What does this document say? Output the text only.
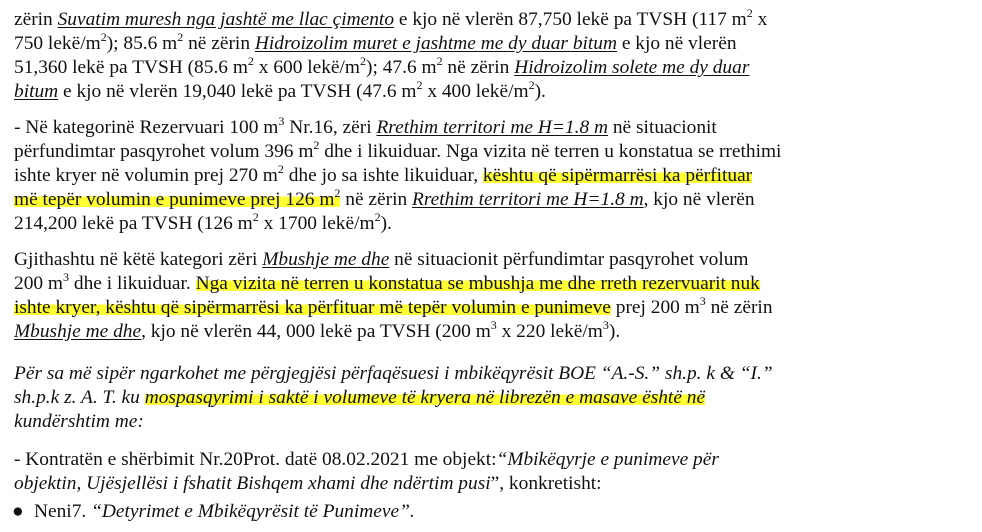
zërin Suvatim muresh nga jashtë me llac çimento e kjo në vlerën 87,750 lekë pa TVSH (117 $m^2$ x

750 lekë/$m^2$); 85.6 $m^2$ në zërin Hidroizolim muret e jashtme me dy duar bitum e kjo në vlerën

51,360 lekë pa TVSH (85.6 $m^2$ x 600 lekë/$m^2$); 47.6 $m^2$ në zërin Hidroizolim solete me dy duar

bitum e kjo në vlerën 19,040 lekë pa TVSH (47.6 $m^2$ x 400 lekë/$m^2$).

- Në kategorinë Rezervuari 100 $m^3$ Nr.16, zëri Rrethim territori me H=1.8 m në situacionit

përfundimtar pasqyrohet volum 396 $m^2$ dhe i likuiduar. Nga vizita në terren u konstatua se rrethimi

ishte kryer në volumin prej 270 $m^2$ dhe jo sa ishte likuiduar, kështu që sipërmarrësi ka përfituar

më tepër volumin e punimeve prej 126 $m^2$ në zërin Rrethim territori me H=1.8 m, kjo në vlerën

214,200 lekë pa TVSH (126 $m^2$ x 1700 lekë/$m^2$).

Gjithashtu në këtë kategori zëri Mbushje me dhe në situacionit përfundimtar pasqyrohet volum

200 $m^3$ dhe i likuiduar. Nga vizita në terren u konstatua se mbushja me dhe rreth rezervuarit nuk

ishte kryer, kështu që sipërmarrësi ka përfituar më tepër volumin e punimeve prej 200 $m^3$ në zërin

Mbushje me dhe, kjo në vlerën 44, 000 lekë pa TVSH (200 $m^3$ x 220 lekë/$m^3$).

Për sa më sipër ngarkohet me përgjegjësi përfaqësuesi i mbikëqyrësit BOE “A.-S.” sh.p. k & “I.”

sh.p.k z. A. T. ku mospasqyrimi i saktë i volumeve të kryera në librezën e masave është në

kundërshtim me:

- Kontratën e shërbimit Nr.20Prot. datë 08.02.2021 me objekt:“Mbikëqyrje e punimeve për

objektin, Ujësjellësi i fshatit Bishqem xhami dhe ndërtim pusi”, konkretisht:

● Neni7. “Detyrimet e Mbikëqyrësit të Punimeve”.
